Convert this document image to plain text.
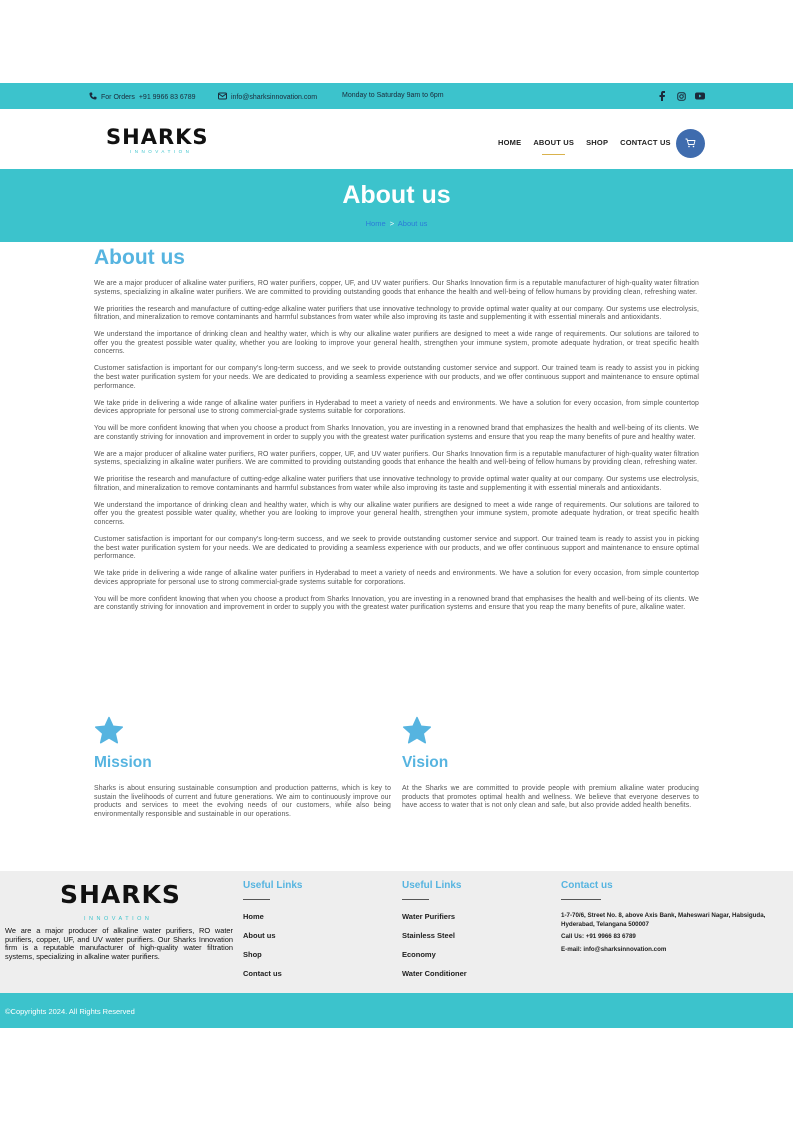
For Orders +91 9966 83 6789	info@sharksinnovation.com	Monday to Saturday 9am to 6pm
SHARKS
INNOVATION
HOME ABOUT US SHOP CONTACT US
About us
Home > About us
About us

We are a major producer of alkaline water purifiers, RO water purifiers, copper, UF, and UV water purifiers. Our Sharks Innovation firm is a reputable manufacturer of high-quality water filtration systems, specializing in alkaline water purifiers. We are committed to providing outstanding goods that enhance the health and well-being of fellow humans by providing clean, refreshing water.

We priorities the research and manufacture of cutting-edge alkaline water purifiers that use innovative technology to provide optimal water quality at our company. Our systems use electrolysis, filtration, and mineralization to remove contaminants and harmful substances from water while also improving its taste and supplementing it with essential minerals and antioxidants.

We understand the importance of drinking clean and healthy water, which is why our alkaline water purifiers are designed to meet a wide range of requirements. Our solutions are tailored to offer you the greatest possible water quality, whether you are looking to improve your general health, strengthen your immune system, promote adequate hydration, or treat specific health concerns.

Customer satisfaction is important for our company's long-term success, and we seek to provide outstanding customer service and support. Our trained team is ready to assist you in picking the best water purification system for your needs. We are dedicated to providing a seamless experience with our products, and we offer continuous support and maintenance to ensure optimal performance.

We take pride in delivering a wide range of alkaline water purifiers in Hyderabad to meet a variety of needs and environments. We have a solution for every occasion, from simple countertop devices appropriate for personal use to strong commercial-grade systems suitable for corporations.

You will be more confident knowing that when you choose a product from Sharks Innovation, you are investing in a renowned brand that emphasizes the health and well-being of its clients. We are constantly striving for innovation and improvement in order to supply you with the greatest water purification systems and ensure that you reap the many benefits of pure and healthy water.

We are a major producer of alkaline water purifiers, RO water purifiers, copper, UF, and UV water purifiers. Our Sharks Innovation firm is a reputable manufacturer of high-quality water filtration systems, specializing in alkaline water purifiers. We are committed to providing outstanding goods that enhance the health and well-being of fellow humans by providing clean, refreshing water.

We prioritise the research and manufacture of cutting-edge alkaline water purifiers that use innovative technology to provide optimal water quality at our company. Our systems use electrolysis, filtration, and mineralization to remove contaminants and harmful substances from water while also improving its taste and supplementing it with essential minerals and antioxidants.

We understand the importance of drinking clean and healthy water, which is why our alkaline water purifiers are designed to meet a wide range of requirements. Our solutions are tailored to offer you the greatest possible water quality, whether you are looking to improve your general health, strengthen your immune system, promote adequate hydration, or treat specific health concerns.

Customer satisfaction is important for our company's long-term success, and we seek to provide outstanding customer service and support. Our trained team is ready to assist you in picking the best water purification system for your needs. We are dedicated to providing a seamless experience with our products, and we offer continuous support and maintenance to ensure optimal performance.

We take pride in delivering a wide range of alkaline water purifiers in Hyderabad to meet a variety of needs and environments. We have a solution for every occasion, from simple countertop devices appropriate for personal use to strong commercial-grade systems suitable for corporations.

You will be more confident knowing that when you choose a product from Sharks Innovation, you are investing in a renowned brand that emphasises the health and well-being of its clients. We are constantly striving for innovation and improvement in order to supply you with the greatest water purification systems and ensure that you reap the many benefits of pure, alkaline water.

Mission

Sharks is about ensuring sustainable consumption and production patterns, which is key to sustain the livelihoods of current and future generations. We aim to continuously improve our products and services to meet the evolving needs of our customers, while also being environmentally responsible and sustainable in our operations.

Vision

At the Sharks we are committed to provide people with premium alkaline water producing products that promotes optimal health and wellness. We believe that everyone deserves to have access to water that is not only clean and safe, but also provide added health benefits.

SHARKS
INNOVATION

We are a major producer of alkaline water purifiers, RO water purifiers, copper, UF, and UV water purifiers. Our Sharks Innovation firm is a reputable manufacturer of high-quality water filtration systems, specializing in alkaline water purifiers.

Useful Links
Home
About us
Shop
Contact us
Useful Links
Water Purifiers
Stainless Steel
Economy
Water Conditioner
Contact us

1-7-70/6, Street No. 8, above Axis Bank, Maheswari Nagar, Habsiguda, Hyderabad, Telangana 500007

Call Us: +91 9966 83 6789

E-mail: info@sharksinnovation.com

©Copyrights 2024. All Rights Reserved
